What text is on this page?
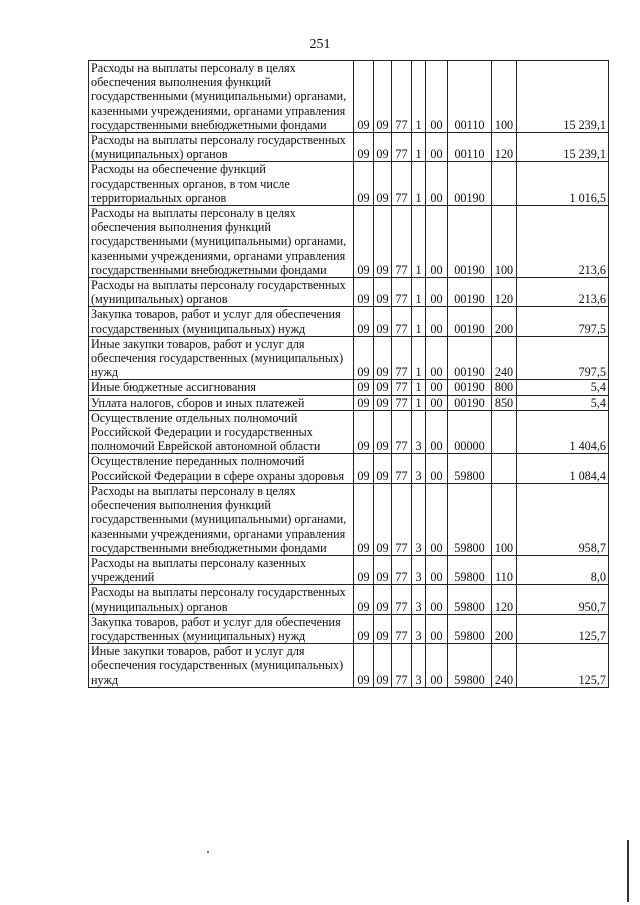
251
Расходы на выплаты персоналу в целях обеспечения выполнения функций государственными (муниципальными) органами, казенными учреждениями, органами управления государственными внебюджетными фондами	09	09	77	1	00	00110	100	15 239,1
Расходы на выплаты персоналу государственных (муниципальных) органов	09	09	77	1	00	00110	120	15 239,1
Расходы на обеспечение функций государственных органов, в том числе территориальных органов	09	09	77	1	00	00190		1 016,5
Расходы на выплаты персоналу в целях обеспечения выполнения функций государственными (муниципальными) органами, казенными учреждениями, органами управления государственными внебюджетными фондами	09	09	77	1	00	00190	100	213,6
Расходы на выплаты персоналу государственных (муниципальных) органов	09	09	77	1	00	00190	120	213,6
Закупка товаров, работ и услуг для обеспечения государственных (муниципальных) нужд	09	09	77	1	00	00190	200	797,5
Иные закупки товаров, работ и услуг для обеспечения государственных (муниципальных) нужд	09	09	77	1	00	00190	240	797,5
Иные бюджетные ассигнования	09	09	77	1	00	00190	800	5,4
Уплата налогов, сборов и иных платежей	09	09	77	1	00	00190	850	5,4
Осуществление отдельных полномочий Российской Федерации и государственных полномочий Еврейской автономной области	09	09	77	3	00	00000		1 404,6
Осуществление переданных полномочий Российской Федерации в сфере охраны здоровья	09	09	77	3	00	59800		1 084,4
Расходы на выплаты персоналу в целях обеспечения выполнения функций государственными (муниципальными) органами, казенными учреждениями, органами управления государственными внебюджетными фондами	09	09	77	3	00	59800	100	958,7
Расходы на выплаты персоналу казенных учреждений	09	09	77	3	00	59800	110	8,0
Расходы на выплаты персоналу государственных (муниципальных) органов	09	09	77	3	00	59800	120	950,7
Закупка товаров, работ и услуг для обеспечения государственных (муниципальных) нужд	09	09	77	3	00	59800	200	125,7
Иные закупки товаров, работ и услуг для обеспечения государственных (муниципальных) нужд	09	09	77	3	00	59800	240	125,7
